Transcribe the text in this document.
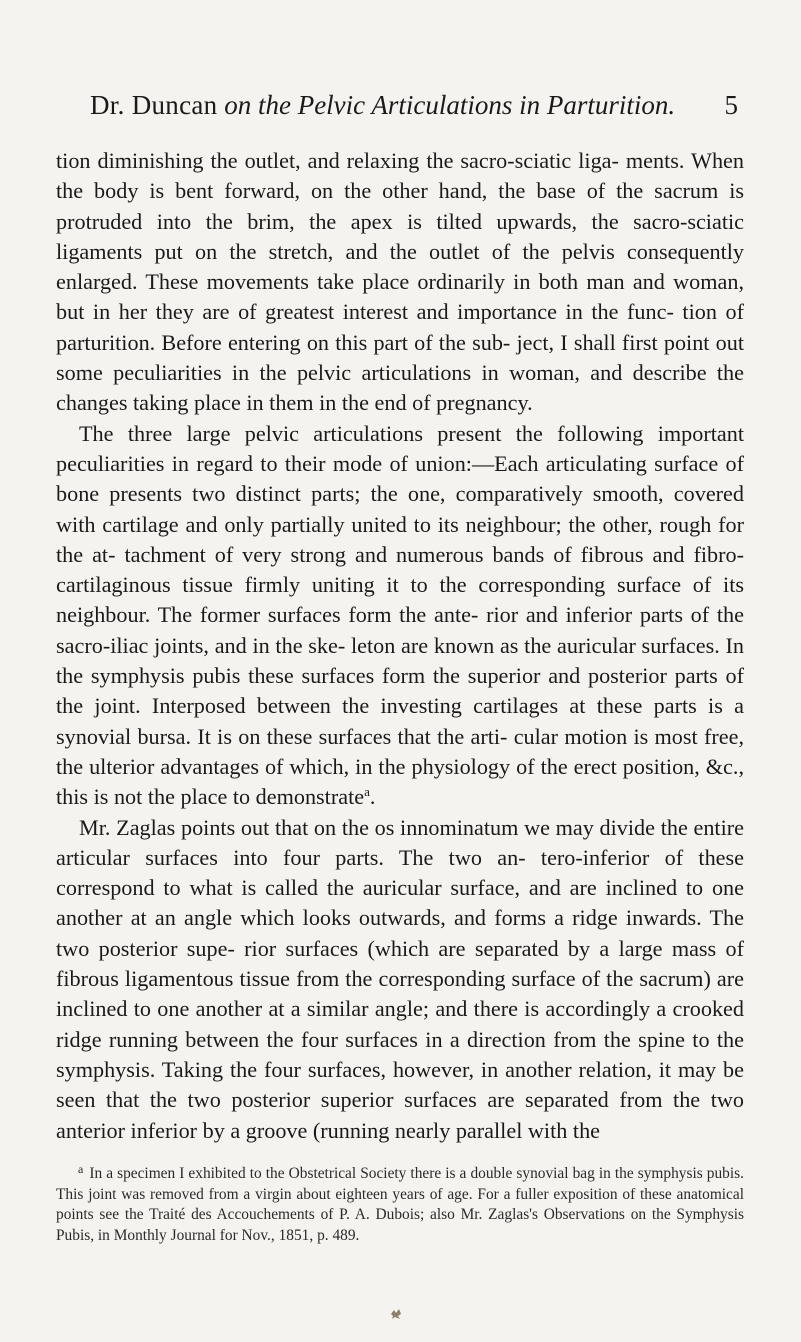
Dr. Duncan on the Pelvic Articulations in Parturition. 5

tion diminishing the outlet, and relaxing the sacro-sciatic liga- ments. When the body is bent forward, on the other hand, the base of the sacrum is protruded into the brim, the apex is tilted upwards, the sacro-sciatic ligaments put on the stretch, and the outlet of the pelvis consequently enlarged. These movements take place ordinarily in both man and woman, but in her they are of greatest interest and importance in the func- tion of parturition. Before entering on this part of the sub- ject, I shall first point out some peculiarities in the pelvic articulations in woman, and describe the changes taking place in them in the end of pregnancy.

The three large pelvic articulations present the following important peculiarities in regard to their mode of union:—Each articulating surface of bone presents two distinct parts; the one, comparatively smooth, covered with cartilage and only partially united to its neighbour; the other, rough for the at- tachment of very strong and numerous bands of fibrous and fibro-cartilaginous tissue firmly uniting it to the corresponding surface of its neighbour. The former surfaces form the ante- rior and inferior parts of the sacro-iliac joints, and in the ske- leton are known as the auricular surfaces. In the symphysis pubis these surfaces form the superior and posterior parts of the joint. Interposed between the investing cartilages at these parts is a synovial bursa. It is on these surfaces that the arti- cular motion is most free, the ulterior advantages of which, in the physiology of the erect position, &c., this is not the place to demonstrate$^a$.

Mr. Zaglas points out that on the os innominatum we may divide the entire articular surfaces into four parts. The two an- tero-inferior of these correspond to what is called the auricular surface, and are inclined to one another at an angle which looks outwards, and forms a ridge inwards. The two posterior supe- rior surfaces (which are separated by a large mass of fibrous ligamentous tissue from the corresponding surface of the sacrum) are inclined to one another at a similar angle; and there is accordingly a crooked ridge running between the four surfaces in a direction from the spine to the symphysis. Taking the four surfaces, however, in another relation, it may be seen that the two posterior superior surfaces are separated from the two anterior inferior by a groove (running nearly parallel with the

$^a$ In a specimen I exhibited to the Obstetrical Society there is a double synovial bag in the symphysis pubis. This joint was removed from a virgin about eighteen years of age. For a fuller exposition of these anatomical points see the Traité des Accouchements of P. A. Dubois; also Mr. Zaglas's Observations on the Symphysis Pubis, in Monthly Journal for Nov., 1851, p. 489.
